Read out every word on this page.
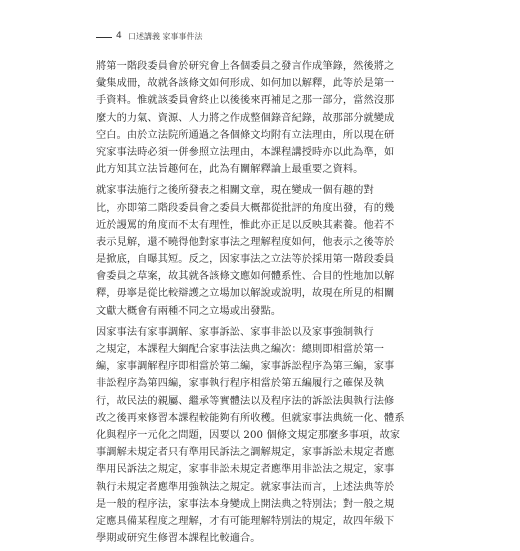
4 口述講義 家事事件法
將第一階段委員會於研究會上各個委員之發言作成筆錄，然後將之
彙集成冊，故就各該條文如何形成、如何加以解釋，此等於是第一
手資料。惟就該委員會終止以後後來再補足之那一部分，當然沒那
麼大的力氣、資源、人力將之作成整個錄音紀錄，故那部分就變成
空白。由於立法院所通過之各個條文均附有立法理由，所以現在研
究家事法時必須一併參照立法理由，本課程講授時亦以此為準，如
此方知其立法旨趣何在，此為有關解釋論上最重要之資料。
就家事法施行之後所發表之相關文章，現在變成一個有趣的對
比，亦即第二階段委員會之委員大概都從批評的角度出發，有的幾
近於謾罵的角度而不太有理性，惟此亦正足以反映其素養。他若不
表示見解，還不曉得他對家事法之理解程度如何，他表示之後等於
是掀底，自曝其短。反之，因家事法之立法等於採用第一階段委員
會委員之草案，故其就各該條文應如何體系性、合目的性地加以解
釋，毋寧是從比較辯護之立場加以解說或說明，故現在所見的相關
文獻大概會有兩種不同之立場或出發點。
因家事法有家事調解、家事訴訟、家事非訟以及家事強制執行
之規定，本課程大綱配合家事法法典之編次：總則即相當於第一
編，家事調解程序即相當於第二編，家事訴訟程序為第三編，家事
非訟程序為第四編，家事執行程序相當於第五編履行之確保及執
行，故民法的親屬、繼承等實體法以及程序法的訴訟法與執行法修
改之後再來修習本課程較能夠有所收穫。但就家事法典統一化、體系
化與程序一元化之問題，因要以 200 個條文規定那麼多事項，故家
事調解未規定者只有準用民訴法之調解規定，家事訴訟未規定者應
準用民訴法之規定，家事非訟未規定者應準用非訟法之規定，家事
執行未規定者應準用強執法之規定。就家事法而言，上述法典等於
是一般的程序法，家事法本身變成上開法典之特別法；對一般之規
定應具備某程度之理解，才有可能理解特別法的規定，故四年級下
學期或研究生修習本課程比較適合。
